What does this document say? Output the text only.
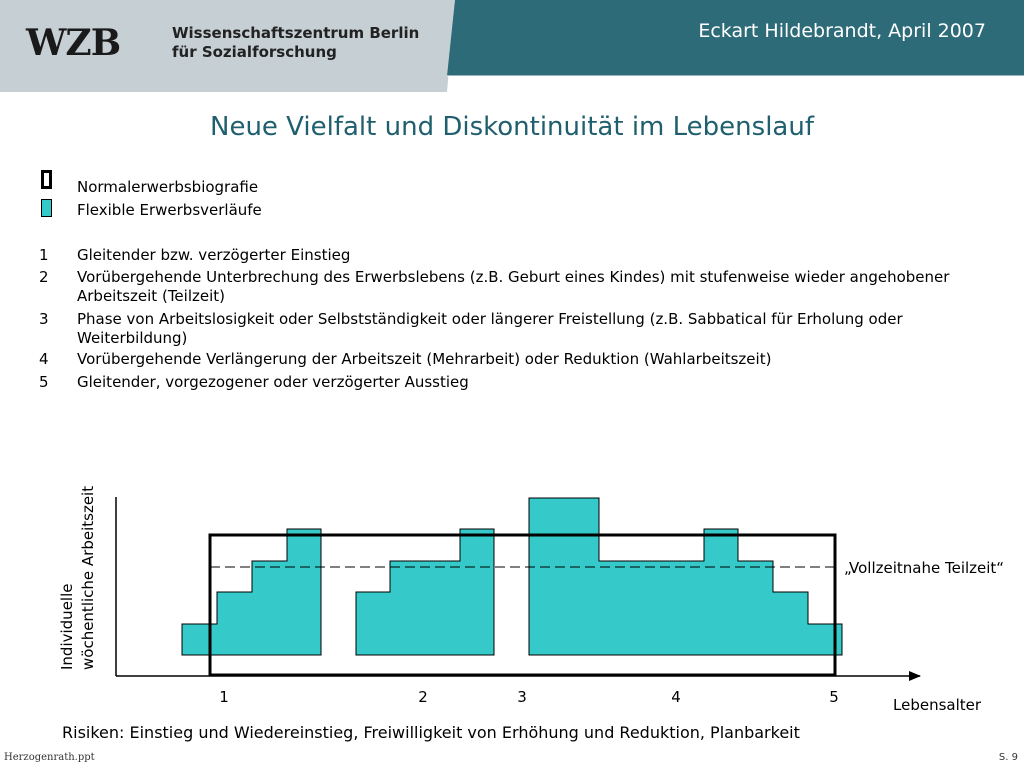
WZB	Wissenschaftszentrum Berlin
für Sozialforschung
Eckart Hildebrandt, April 2007
Neue Vielfalt und Diskontinuität im Lebenslauf
Normalerwerbsbiografie
Flexible Erwerbsverläufe
1 Gleitender bzw. verzögerter Einstieg
2 Vorübergehende Unterbrechung des Erwerbslebens (z.B. Geburt eines Kindes) mit stufenweise wieder angehobener Arbeitszeit (Teilzeit)
3 Phase von Arbeitslosigkeit oder Selbstständigkeit oder längerer Freistellung (z.B. Sabbatical für Erholung oder Weiterbildung)
4 Vorübergehende Verlängerung der Arbeitszeit (Mehrarbeit) oder Reduktion (Wahlarbeitszeit)
5 Gleitender, vorgezogener oder verzögerter Ausstieg
Individuelle wöchentliche Arbeitszeit
Lebensalter
„Vollzeitnahe Teilzeit“
1	2	3	4	5
Risiken: Einstieg und Wiedereinstieg, Freiwilligkeit von Erhöhung und Reduktion, Planbarkeit
Herzogenrath.ppt	S. 9
